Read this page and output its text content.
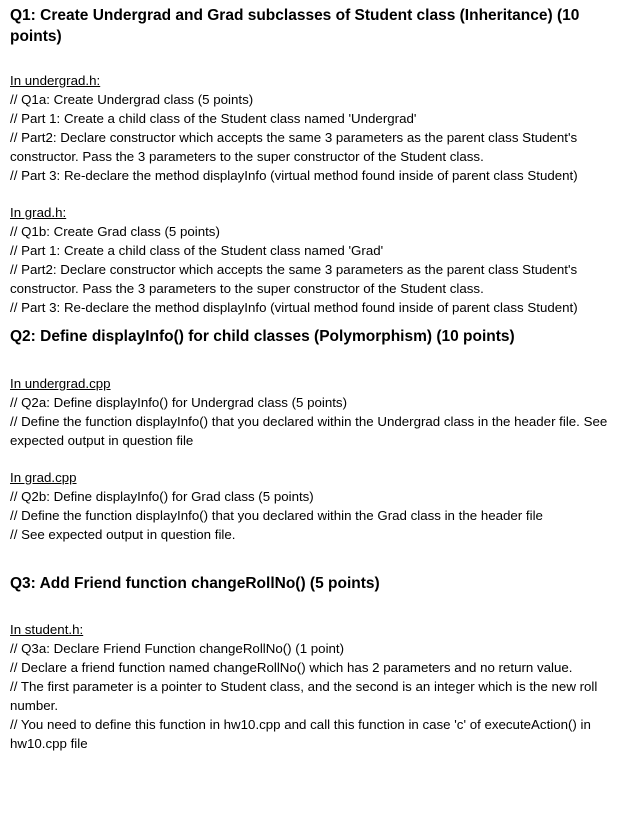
Q1: Create Undergrad and Grad subclasses of Student class (Inheritance) (10 points)

In undergrad.h:
// Q1a: Create Undergrad class (5 points)
// Part 1: Create a child class of the Student class named 'Undergrad'
// Part2: Declare constructor which accepts the same 3 parameters as the parent class Student's constructor. Pass the 3 parameters to the super constructor of the Student class.
// Part 3: Re-declare the method displayInfo (virtual method found inside of parent class Student)
In grad.h:
// Q1b: Create Grad class (5 points)
// Part 1: Create a child class of the Student class named 'Grad'
// Part2: Declare constructor which accepts the same 3 parameters as the parent class Student's constructor. Pass the 3 parameters to the super constructor of the Student class.
// Part 3: Re-declare the method displayInfo (virtual method found inside of parent class Student)

Q2: Define displayInfo() for child classes (Polymorphism) (10 points)

In undergrad.cpp
// Q2a: Define displayInfo() for Undergrad class (5 points)
// Define the function displayInfo() that you declared within the Undergrad class in the header file. See expected output in question file
In grad.cpp
// Q2b: Define displayInfo() for Grad class (5 points)
// Define the function displayInfo() that you declared within the Grad class in the header file
// See expected output in question file.

Q3: Add Friend function changeRollNo() (5 points)

In student.h:
// Q3a: Declare Friend Function changeRollNo() (1 point)
// Declare a friend function named changeRollNo() which has 2 parameters and no return value.
// The first parameter is a pointer to Student class, and the second is an integer which is the new roll number.
// You need to define this function in hw10.cpp and call this function in case 'c' of executeAction() in hw10.cpp file
